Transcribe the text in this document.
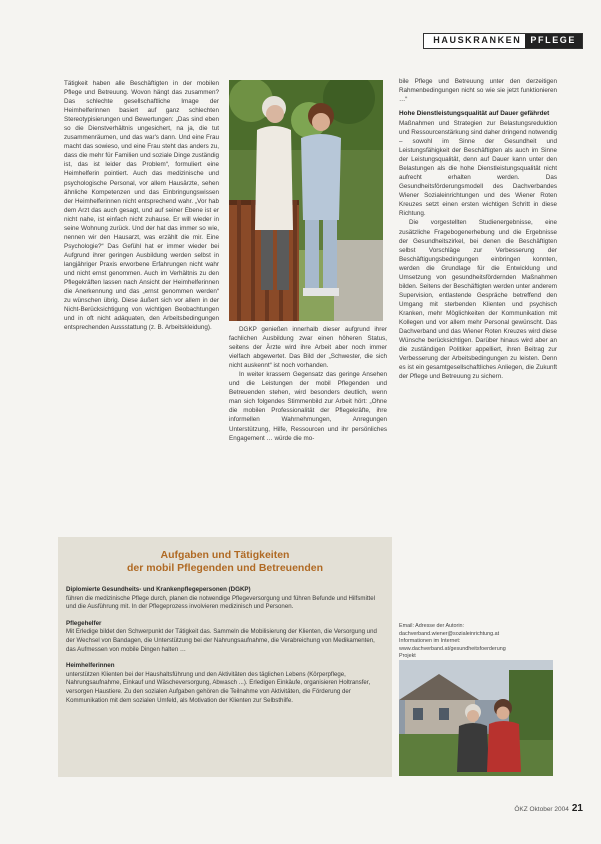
HAUSKRANKEN	PFLEGE

Tätigkeit haben alle Beschäftigten in der mobilen Pflege und Betreuung. Wovon hängt das zusammen? Das schlechte gesellschaftliche Image der Heimhelferinnen basiert auf ganz schlechten Stereotypisierungen und Bewertungen: „Das sind eben so die Dienstverhältnis ungesichert, na ja, die tut zusammenräumen, und das war's dann. Und eine Frau macht das sowieso, und eine Frau steht das anders zu, dass die mehr für Familien und soziale Dinge zuständig ist, das ist leider das Problem“, formuliert eine Heimhelferin pointiert. Auch das medizinische und psychologische Personal, vor allem Hausärzte, sehen ähnliche Kompetenzen und das Einbringungswissen der Heimhelferinnen nicht entsprechend wahr. „Vor hab dem Arzt das auch gesagt, und auf seiner Ebene ist er nicht nahe, ist einfach nicht zuhause. Er will wieder in seine Wohnung zurück. Und der hat das immer so wie, nennen wir den Hausarzt, was erzählt die mir. Eine Psychologie?“ Das Gefühl hat er immer wieder bei Aufgrund ihrer geringen Ausbildung werden selbst in langjähriger Praxis erworbene Erfahrungen nicht wahr und nicht ernst genommen. Auch im Verhältnis zu den Pflegekräften lassen nach Ansicht der Heimhelferinnen die Anerkennung und das „ernst genommen werden“ zu wünschen übrig. Diese äußert sich vor allem in der Nicht-Berücksichtigung von wichtigen Beobachtungen und in oft nicht adäquaten, den Arbeitsbedingungen entsprechenden Aussstattung (z. B. Arbeitskleidung).	DGKP genießen innerhalb dieser aufgrund ihrer fachlichen Ausbildung zwar einen höheren Status, seitens der Ärzte wird ihre Arbeit aber noch immer vielfach abgewertet. Das Bild der „Schwester, die sich nicht auskennt“ ist noch vorhanden.

In weiter krassem Gegensatz das geringe Ansehen und die Leistungen der mobil Pflegenden und Betreuenden stehen, wird besonders deutlich, wenn man sich folgendes Stimmenbild zur Arbeit hört: „Ohne die mobilen Professionalität der Pflegekräfte, ihre informellen Wahrnehmungen, Anregungen Unterstützung, Hilfe, Ressourcen und ihr persönliches Engagement … würde die mo-

bile Pflege und Betreuung unter den derzeitigen Rahmenbedingungen nicht so wie sie jetzt funktionieren …“

Hohe Dienstleistungsqualität auf Dauer gefährdet

Maßnahmen und Strategien zur Belastungsreduktion und Ressourcenstärkung sind daher dringend notwendig – sowohl im Sinne der Gesundheit und Leistungsfähigkeit der Beschäftigten als auch im Sinne der Leistungsqualität, denn auf Dauer kann unter den Belastungen als die hohe Dienstleistungsqualität nicht aufrecht erhalten werden. Das Gesundheitsförderungsmodell des Dachverbandes Wiener Sozialeinrichtungen und des Wiener Roten Kreuzes setzt einen ersten wichtigen Schritt in diese Richtung.

Die vorgestellten Studienergebnisse, eine zusätzliche Fragebogenerhebung und die Ergebnisse der Gesundheitszirkel, bei denen die Beschäftigten selbst Vorschläge zur Verbesserung der Beschäftigungsbedingungen einbringen konnten, werden die Grundlage für die Entwicklung und Umsetzung von gesundheitsfördernden Maßnahmen bilden. Seitens der Beschäftigten werden unter anderem Supervision, entlastende Gespräche betreffend den Umgang mit sterbenden Klienten und psychisch Kranken, mehr Möglichkeiten der Kommunikation mit Kollegen und vor allem mehr Personal gewünscht. Das Dachverband und das Wiener Roten Kreuzes wird diese Wünsche berücksichtigen. Darüber hinaus wird aber an die zuständigen Politiker appelliert, ihren Beitrag zur Verbesserung der Arbeitsbedingungen zu leisten. Denn es ist ein gesamtgesellschaftliches Anliegen, die Zukunft der Pflege und Betreuung zu sichern.

Aufgaben und Tätigkeiten
der mobil Pflegenden und Betreuenden
Diplomierte Gesundheits- und Krankenpflegepersonen (DGKP)

führen die medizinische Pflege durch, planen die notwendige Pflegeversorgung und führen Befunde und Hilfsmittel und die Ausführung mit. In der Pflegeprozess involvieren medizinisch und Personen.

Pflegehelfer

Mit Erledige bildet den Schwerpunkt der Tätigkeit das. Sammeln die Mobilisierung der Klienten, die Versorgung und der Wechsel von Bandagen, die Unterstützung bei der Nahrungsaufnahme, die Verabreichung von Medikamenten, das Aufmessen von mobile Dingen halten …

Heimhelferinnen

unterstützen Klienten bei der Haushaltsführung und den Aktivitäten des täglichen Lebens (Körperpflege, Nahrungsaufnahme, Einkauf und Wäscheversorgung, Abwasch ...). Erledigen Einkäufe, organisieren Holtransfer, versorgen Haustiere. Zu den sozialen Aufgaben gehören die Teilnahme von Aktivitäten, die Förderung der Kommunikation mit dem sozialen Umfeld, als Motivation der Klienten zur Selbsthilfe.

Email: Adresse der Autorin:
dachverband.wiener@sozialeinrichtung.at
Informationen im Internet: www.dachverband.at/gesundheitsfoerderung
Projekt
ÖKZ Oktober 2004 21
